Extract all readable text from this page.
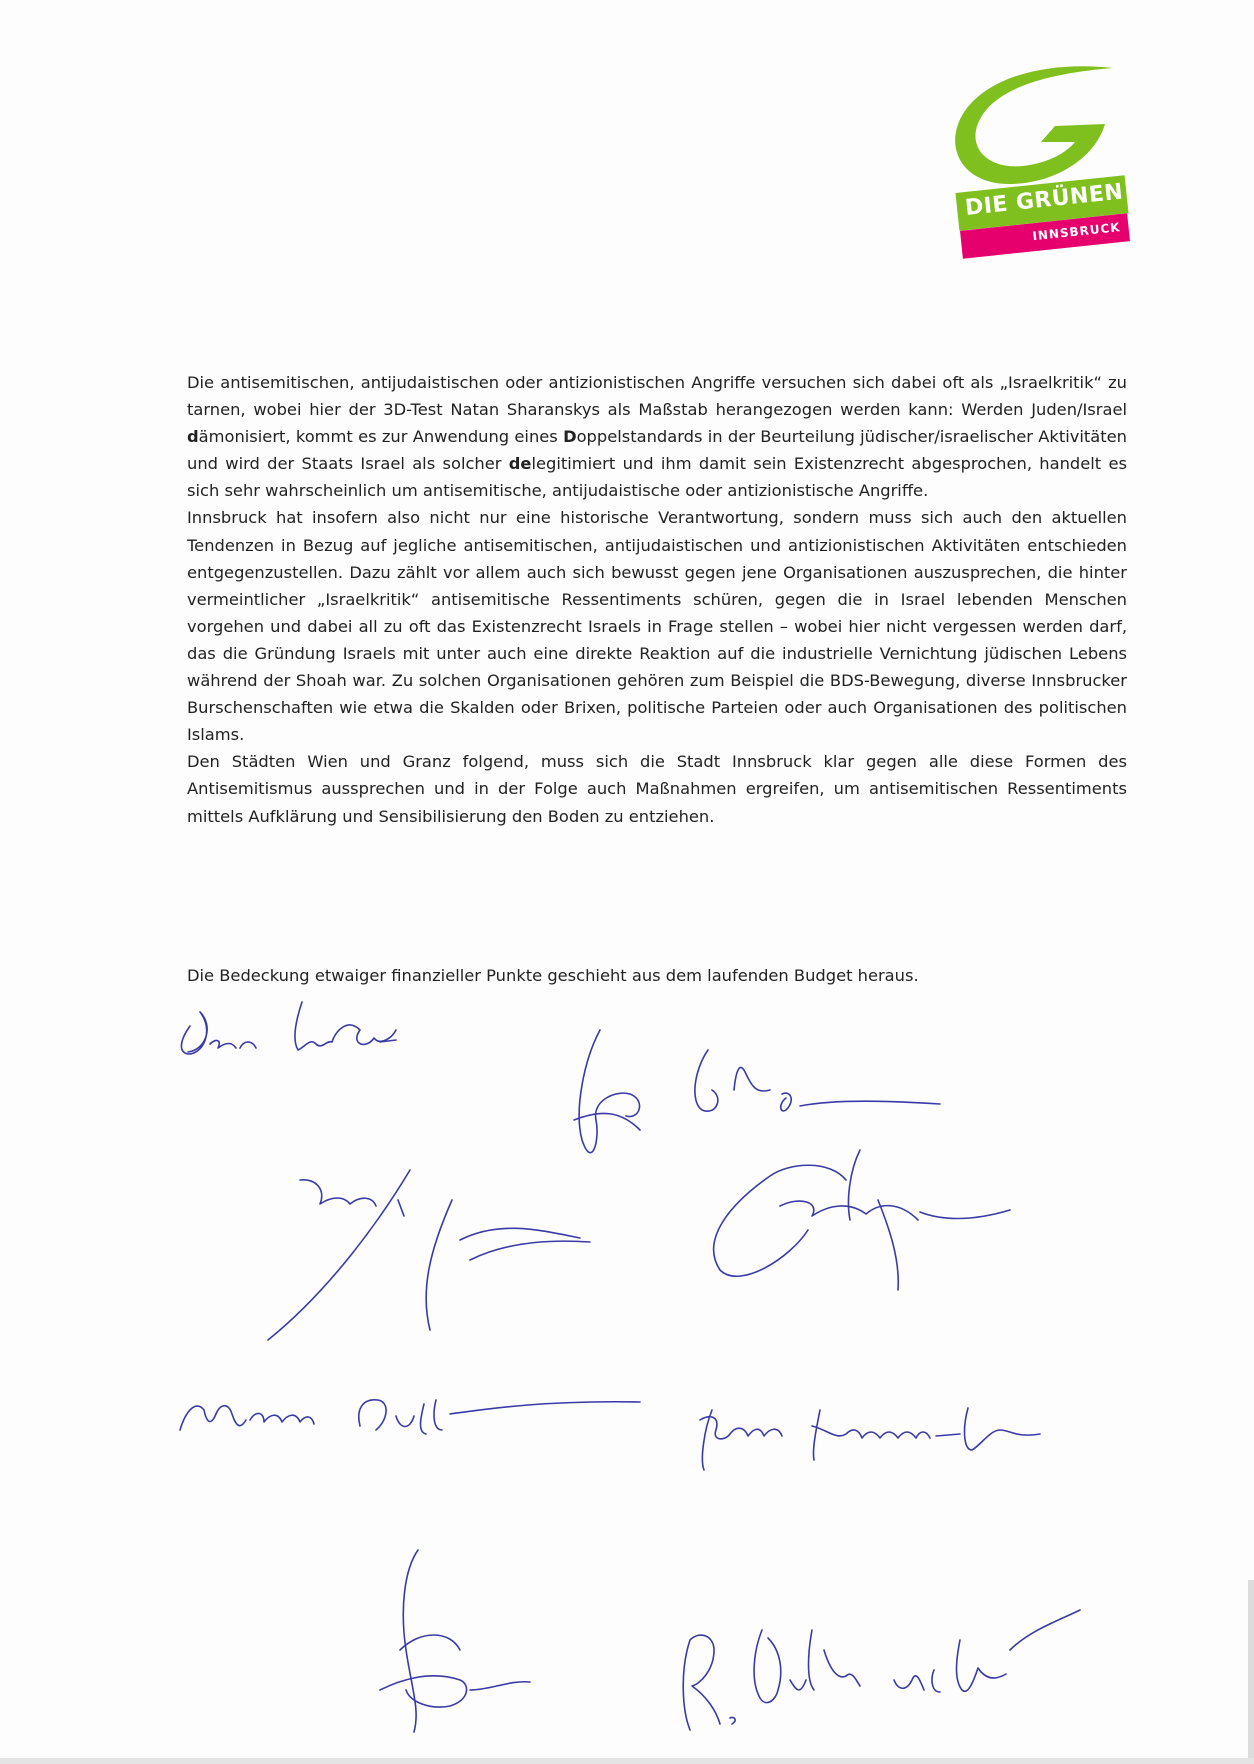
DIE GRÜNEN
INNSBRUCK

Die antisemitischen, antijudaistischen oder antizionistischen Angriffe versuchen sich dabei oft als „Israelkritik“ zu tarnen, wobei hier der 3D-Test Natan Sharanskys als Maßstab herangezogen werden kann: Werden Juden/Israel dämonisiert, kommt es zur Anwendung eines Doppelstandards in der Beurteilung jüdischer/israelischer Aktivitäten und wird der Staats Israel als solcher delegitimiert und ihm damit sein Existenzrecht abgesprochen, handelt es sich sehr wahrscheinlich um antisemitische, antijudaistische oder antizionistische Angriffe.

Innsbruck hat insofern also nicht nur eine historische Verantwortung, sondern muss sich auch den aktuellen Tendenzen in Bezug auf jegliche antisemitischen, antijudaistischen und antizionistischen Aktivitäten entschieden entgegenzustellen. Dazu zählt vor allem auch sich bewusst gegen jene Organisationen auszusprechen, die hinter vermeintlicher „Israelkritik“ antisemitische Ressentiments schüren, gegen die in Israel lebenden Menschen vorgehen und dabei all zu oft das Existenzrecht Israels in Frage stellen – wobei hier nicht vergessen werden darf, das die Gründung Israels mit unter auch eine direkte Reaktion auf die industrielle Vernichtung jüdischen Lebens während der Shoah war. Zu solchen Organisationen gehören zum Beispiel die BDS-Bewegung, diverse Innsbrucker Burschenschaften wie etwa die Skalden oder Brixen, politische Parteien oder auch Organisationen des politischen Islams.

Den Städten Wien und Granz folgend, muss sich die Stadt Innsbruck klar gegen alle diese Formen des Antisemitismus aussprechen und in der Folge auch Maßnahmen ergreifen, um antisemitischen Ressentiments mittels Aufklärung und Sensibilisierung den Boden zu entziehen.

Die Bedeckung etwaiger finanzieller Punkte geschieht aus dem laufenden Budget heraus.
